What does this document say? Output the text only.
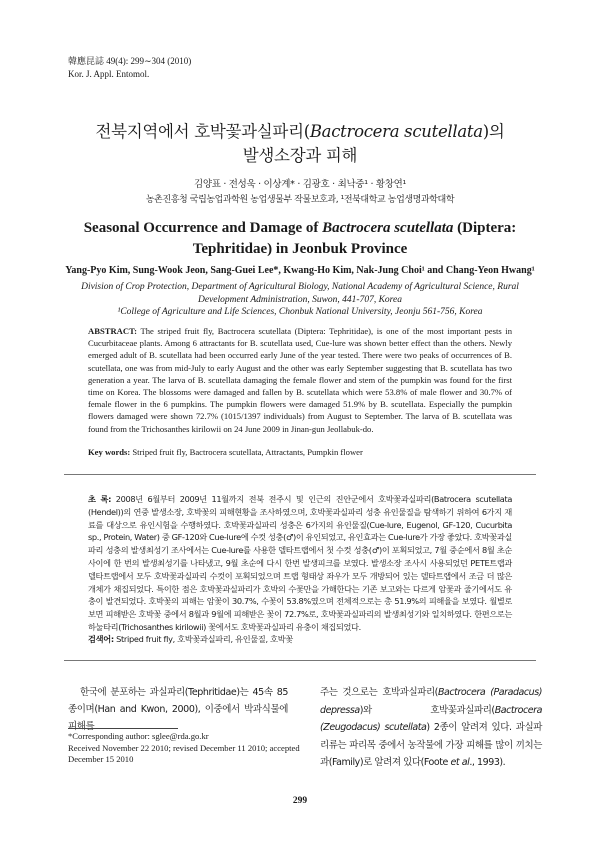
韓應昆誌 49(4): 299∼304 (2010)
Kor. J. Appl. Entomol.
전북지역에서 호박꽃과실파리(Bactrocera scutellata)의
발생소장과 피해
김양표 · 전성욱 · 이상계* · 김광호 · 최낙중¹ · 황창연¹
농촌진흥청 국립농업과학원 농업생물부 작물보호과, ¹전북대학교 농업생명과학대학
Seasonal Occurrence and Damage of Bactrocera scutellata (Diptera:
Tephritidae) in Jeonbuk Province
Yang-Pyo Kim, Sung-Wook Jeon, Sang-Guei Lee*, Kwang-Ho Kim, Nak-Jung Choi¹ and Chang-Yeon Hwang¹
Division of Crop Protection, Department of Agricultural Biology, National Academy of Agricultural Science, Rural Development Administration, Suwon, 441-707, Korea
¹College of Agriculture and Life Sciences, Chonbuk National University, Jeonju 561-756, Korea
ABSTRACT: The striped fruit fly, Bactrocera scutellata (Diptera: Tephritidae), is one of the most important pests in Cucurbitaceae plants. Among 6 attractants for B. scutellata used, Cue-lure was shown better effect than the others. Newly emerged adult of B. scutellata had been occurred early June of the year tested. There were two peaks of occurrences of B. scutellata, one was from mid-July to early August and the other was early September suggesting that B. scutellata has two generation a year. The larva of B. scutellata damaging the female flower and stem of the pumpkin was found for the first time on Korea. The blossoms were damaged and fallen by B. scutellata which were 53.8% of male flower and 30.7% of female flower in the 6 pumpkins. The pumpkin flowers were damaged 51.9% by B. scutellata. Especially the pumpkin flowers damaged were shown 72.7% (1015/1397 individuals) from August to September. The larva of B. scutellata was found from the Trichosanthes kirilowii on 24 June 2009 in Jinan-gun Jeollabuk-do.
Key words: Striped fruit fly, Bactrocera scutellata, Attractants, Pumpkin flower
초 록: 2008년 6월부터 2009년 11월까지 전북 전주시 및 인근의 진안군에서 호박꽃과실파리(Batrocera scutellata (Hendel))의 연중 발생소장, 호박꽃의 피해현황을 조사하였으며, 호박꽃과실파리 성충 유인물질을 탐색하기 위하여 6가지 재료를 대상으로 유인시험을 수행하였다. 호박꽃과실파리 성충은 6가지의 유인물질(Cue-lure, Eugenol, GF-120, Cucurbita sp., Protein, Water) 중 GF-120와 Cue-lure에 수컷 성충(♂)이 유인되었고, 유인효과는 Cue-lure가 가장 좋았다. 호박꽃과실파리 성충의 발생최성기 조사에서는 Cue-lure를 사용한 델타트랩에서 첫 수컷 성충(♂)이 포획되었고, 7월 중순에서 8월 초순 사이에 한 번의 발생최성기를 나타냈고, 9월 초순에 다시 한번 발생피크를 보였다. 발생소장 조사시 사용되었던 PETE트랩과 델타트랩에서 모두 호박꽃과실파리 수컷이 포획되었으며 트랩 형태상 좌우가 모두 개방되어 있는 델타트랩에서 조금 더 많은 개체가 채집되었다. 특이한 점은 호박꽃과실파리가 호박의 수꽃만을 가해한다는 기존 보고와는 다르게 암꽃과 줄기에서도 유충이 발견되었다. 호박꽃의 피해는 암꽃이 30.7%, 수꽃이 53.8%였으며 전체적으로는 총 51.9%의 피해율을 보였다. 월별로 보면 피해받은 호박꽃 중에서 8월과 9월에 피해받은 꽃이 72.7%로, 호박꽃과실파리의 발생최성기와 일치하였다. 한편으로는 하눌타리(Trichosanthes kirilowii) 꽃에서도 호박꽃과실파리 유충이 채집되었다.
검색어: Striped fruit fly, 호박꽃과실파리, 유인물질, 호박꽃

한국에 분포하는 과실파리(Tephritidae)는 45속 85종이며(Han and Kwon, 2000), 이중에서 박과식물에 피해를

주는 것으로는 호박과실파리(Bactrocera (Paradacus) depressa)와 호박꽃과실파리(Bactrocera (Zeugodacus) scutellata) 2종이 알려져 있다. 과실파리류는 파리목 중에서 농작물에 가장 피해를 많이 끼치는 과(Family)로 알려져 있다(Foote et al., 1993).

*Corresponding author: sglee@rda.go.kr
Received November 22 2010; revised December 11 2010; accepted December 15 2010
299
